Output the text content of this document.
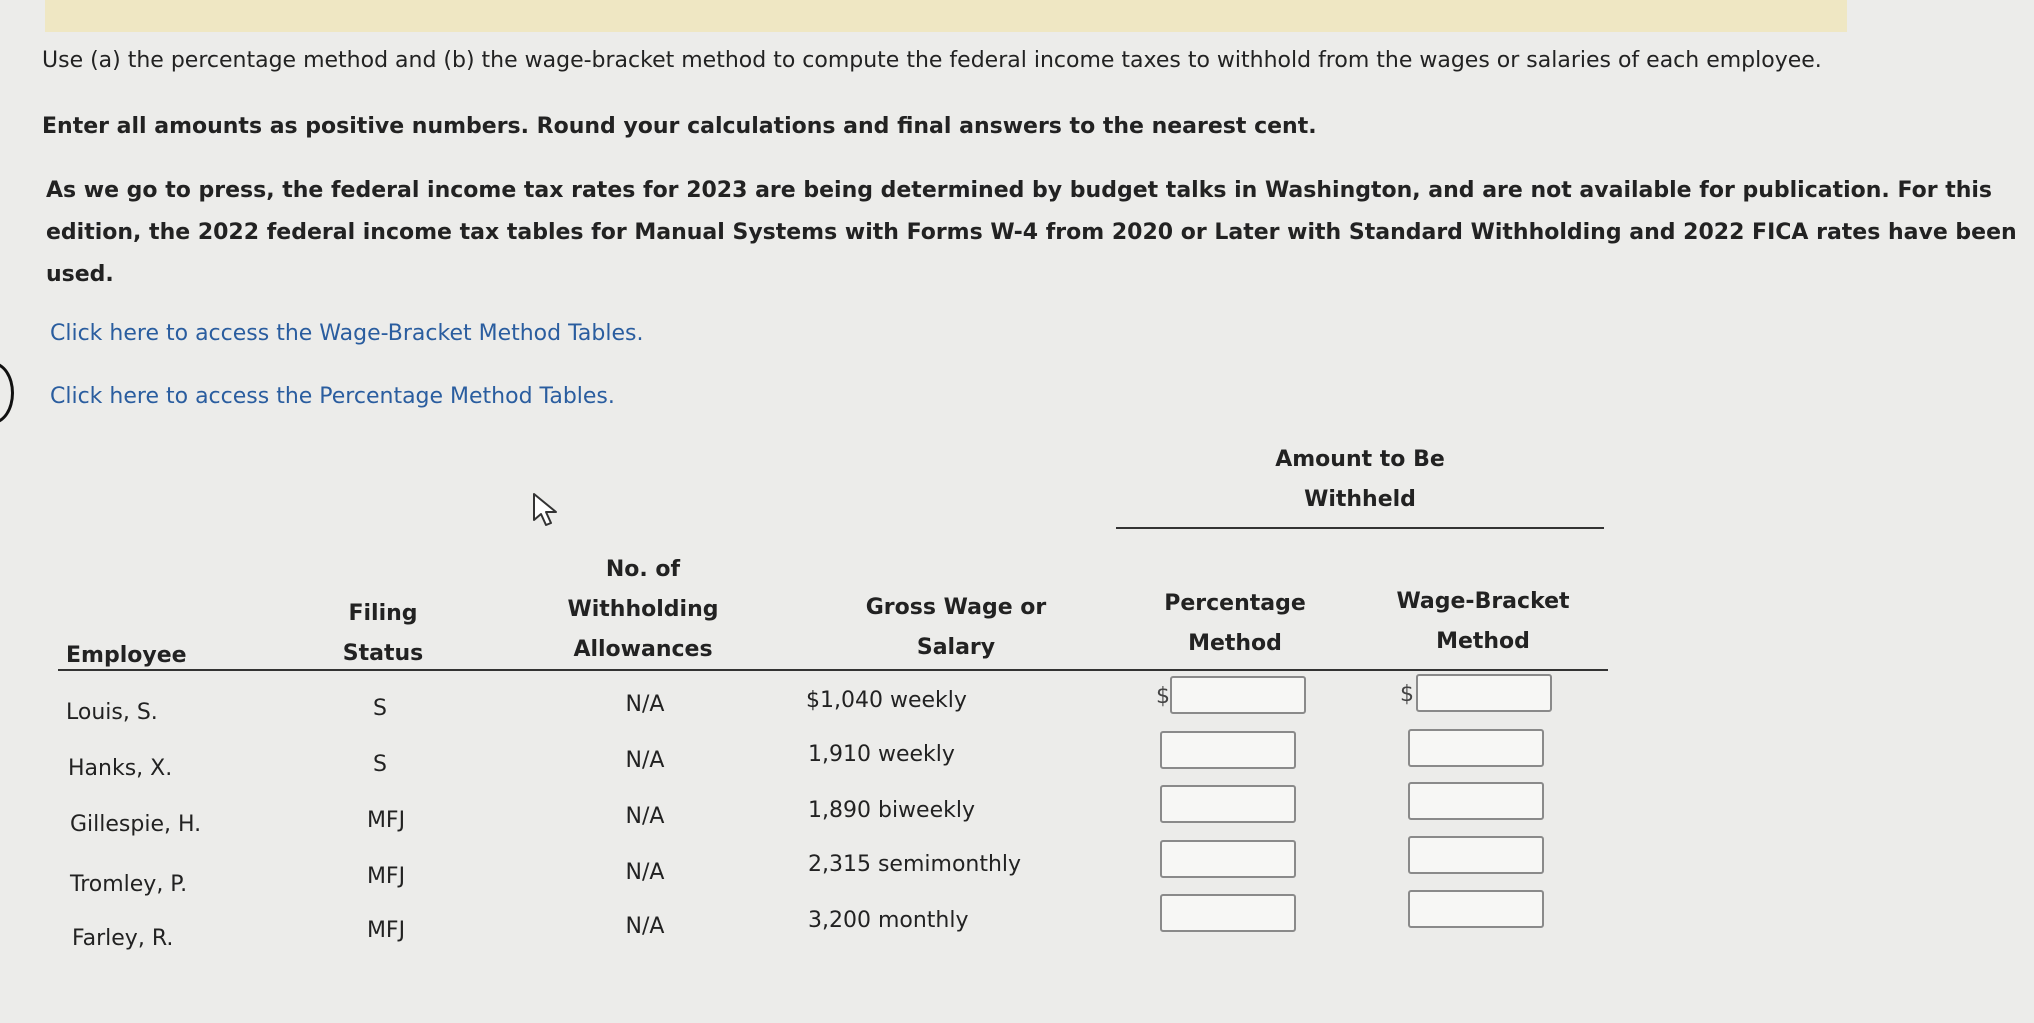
Use (a) the percentage method and (b) the wage-bracket method to compute the federal income taxes to withhold from the wages or salaries of each employee.
Enter all amounts as positive numbers. Round your calculations and final answers to the nearest cent.
As we go to press, the federal income tax rates for 2023 are being determined by budget talks in Washington, and are not available for publication. For this edition, the 2022 federal income tax tables for Manual Systems with Forms W-4 from 2020 or Later with Standard Withholding and 2022 FICA rates have been used.
Click here to access the Wage-Bracket Method Tables.
Click here to access the Percentage Method Tables.
Amount to Be
Withheld
Employee
Filing
Status
No. of
Withholding
Allowances
Gross Wage or
Salary
Percentage
Method
Wage-Bracket
Method
Louis, S.	S	N/A	$1,040 weekly	$	$
Hanks, X.	S	N/A	1,910 weekly
Gillespie, H.	MFJ	N/A	1,890 biweekly
Tromley, P.	MFJ	N/A	2,315 semimonthly
Farley, R.	MFJ	N/A	3,200 monthly
